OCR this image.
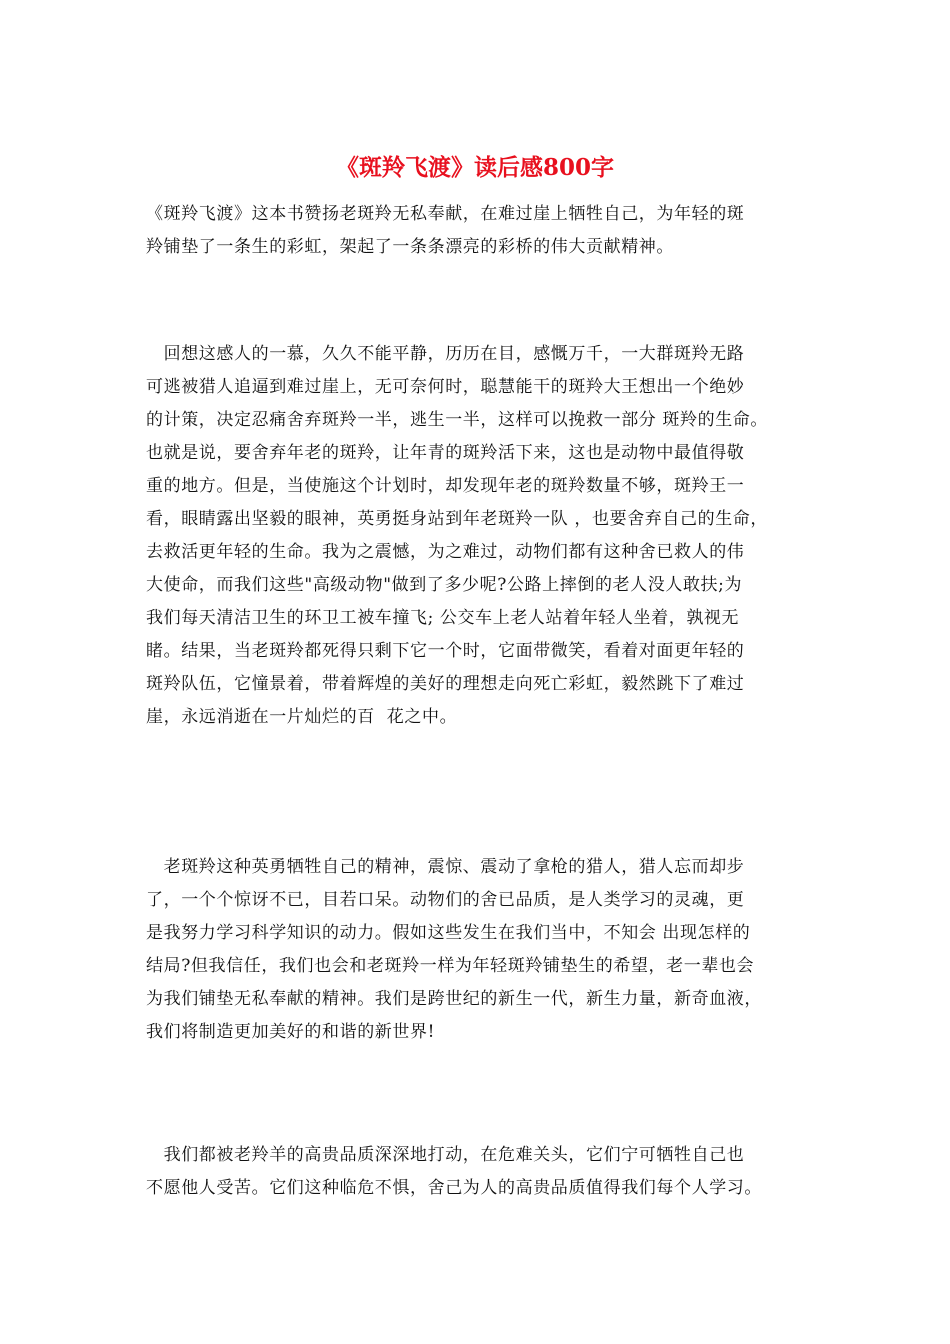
《斑羚飞渡》读后感800字

《斑羚飞渡》这本书赞扬老斑羚无私奉献，在难过崖上牺牲自己，为年轻的斑
羚铺垫了一条生的彩虹，架起了一条条漂亮的彩桥的伟大贡献精神。

　回想这感人的一慕，久久不能平静，历历在目，感慨万千，一大群斑羚无路
可逃被猎人追逼到难过崖上，无可奈何时，聪慧能干的斑羚大王想出一个绝妙
的计策，决定忍痛舍弃斑羚一半，逃生一半，这样可以挽救一部分 斑羚的生命。
也就是说，要舍弃年老的斑羚，让年青的斑羚活下来，这也是动物中最值得敬
重的地方。但是，当使施这个计划时，却发现年老的斑羚数量不够，斑羚王一
看，眼睛露出坚毅的眼神，英勇挺身站到年老斑羚一队 ，也要舍弃自己的生命，
去救活更年轻的生命。我为之震憾，为之难过，动物们都有这种舍已救人的伟
大使命，而我们这些"高级动物"做到了多少呢?公路上摔倒的老人没人敢扶;为
我们每天清洁卫生的环卫工被车撞飞; 公交车上老人站着年轻人坐着，孰视无
睹。结果，当老斑羚都死得只剩下它一个时，它面带微笑，看着对面更年轻的
斑羚队伍，它憧景着，带着辉煌的美好的理想走向死亡彩虹，毅然跳下了难过
崖，永远消逝在一片灿烂的百  花之中。

　老斑羚这种英勇牺牲自己的精神，震惊、震动了拿枪的猎人，猎人忘而却步
了，一个个惊讶不已，目若口呆。动物们的舍已品质，是人类学习的灵魂，更
是我努力学习科学知识的动力。假如这些发生在我们当中，不知会 出现怎样的
结局?但我信任，我们也会和老斑羚一样为年轻斑羚铺垫生的希望，老一辈也会
为我们铺垫无私奉献的精神。我们是跨世纪的新生一代，新生力量，新奇血液，
我们将制造更加美好的和谐的新世界!

　我们都被老羚羊的高贵品质深深地打动，在危难关头，它们宁可牺牲自己也
不愿他人受苦。它们这种临危不惧，舍己为人的高贵品质值得我们每个人学习。
